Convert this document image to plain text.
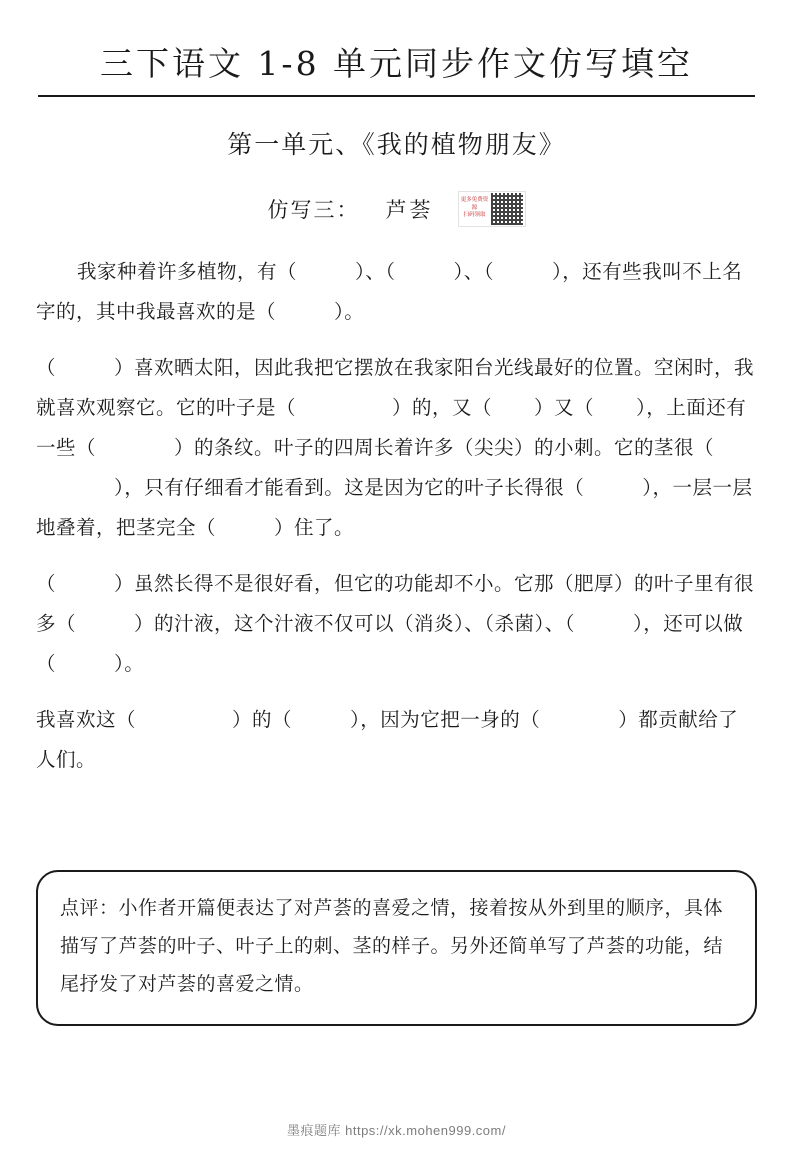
三下语文 1-8 单元同步作文仿写填空
第一单元、《我的植物朋友》
仿写三： 芦荟	更多免费资源
扫码领取
我家种着许多植物，有（	）、（	）、（	），还有些我叫不上名字的，其中我最喜欢的是（	）。
（	）喜欢晒太阳，因此我把它摆放在我家阳台光线最好的位置。空闲时，我就喜欢观察它。它的叶子是（	）的，又（ ）又（ ），上面还有一些（	）的条纹。叶子的四周长着许多（尖尖）的小刺。它的茎很（），只有仔细看才能看到。这是因为它的叶子长得很（	），一层一层地叠着，把茎完全（	）住了。
（	）虽然长得不是很好看，但它的功能却不小。它那（肥厚）的叶子里有很多（	）的汁液，这个汁液不仅可以（消炎）、（杀菌）、（	），还可以做（	）。
我喜欢这（	）的（	），因为它把一身的（	）都贡献给了人们。
点评：小作者开篇便表达了对芦荟的喜爱之情，接着按从外到里的顺序，具体描写了芦荟的叶子、叶子上的刺、茎的样子。另外还简单写了芦荟的功能，结尾抒发了对芦荟的喜爱之情。
墨痕题库 https://xk.mohen999.com/
